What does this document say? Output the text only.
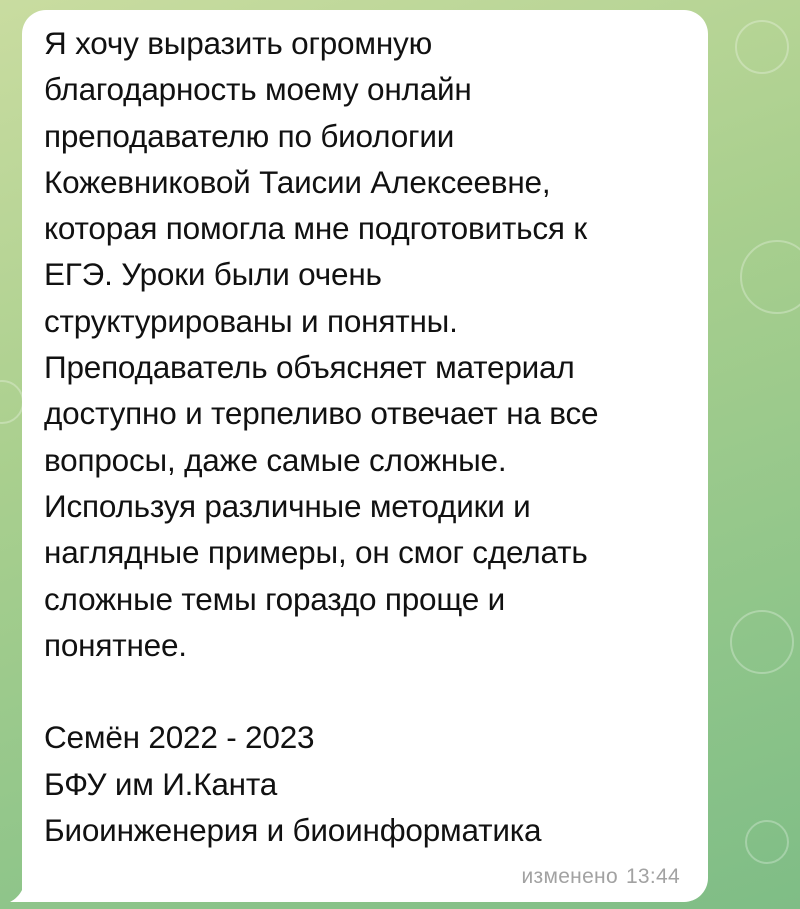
Я хочу выразить огромную
благодарность моему онлайн
преподавателю по биологии
Кожевниковой Таисии Алексеевне,
которая помогла мне подготовиться к
ЕГЭ. Уроки были очень
структурированы и понятны.
Преподаватель объясняет материал
доступно и терпеливо отвечает на все
вопросы, даже самые сложные.
Используя различные методики и
наглядные примеры, он смог сделать
сложные темы гораздо проще и
понятнее.

Семён 2022 - 2023
БФУ им И.Канта
Биоинженерия и биоинформатика

изменено 13:44
